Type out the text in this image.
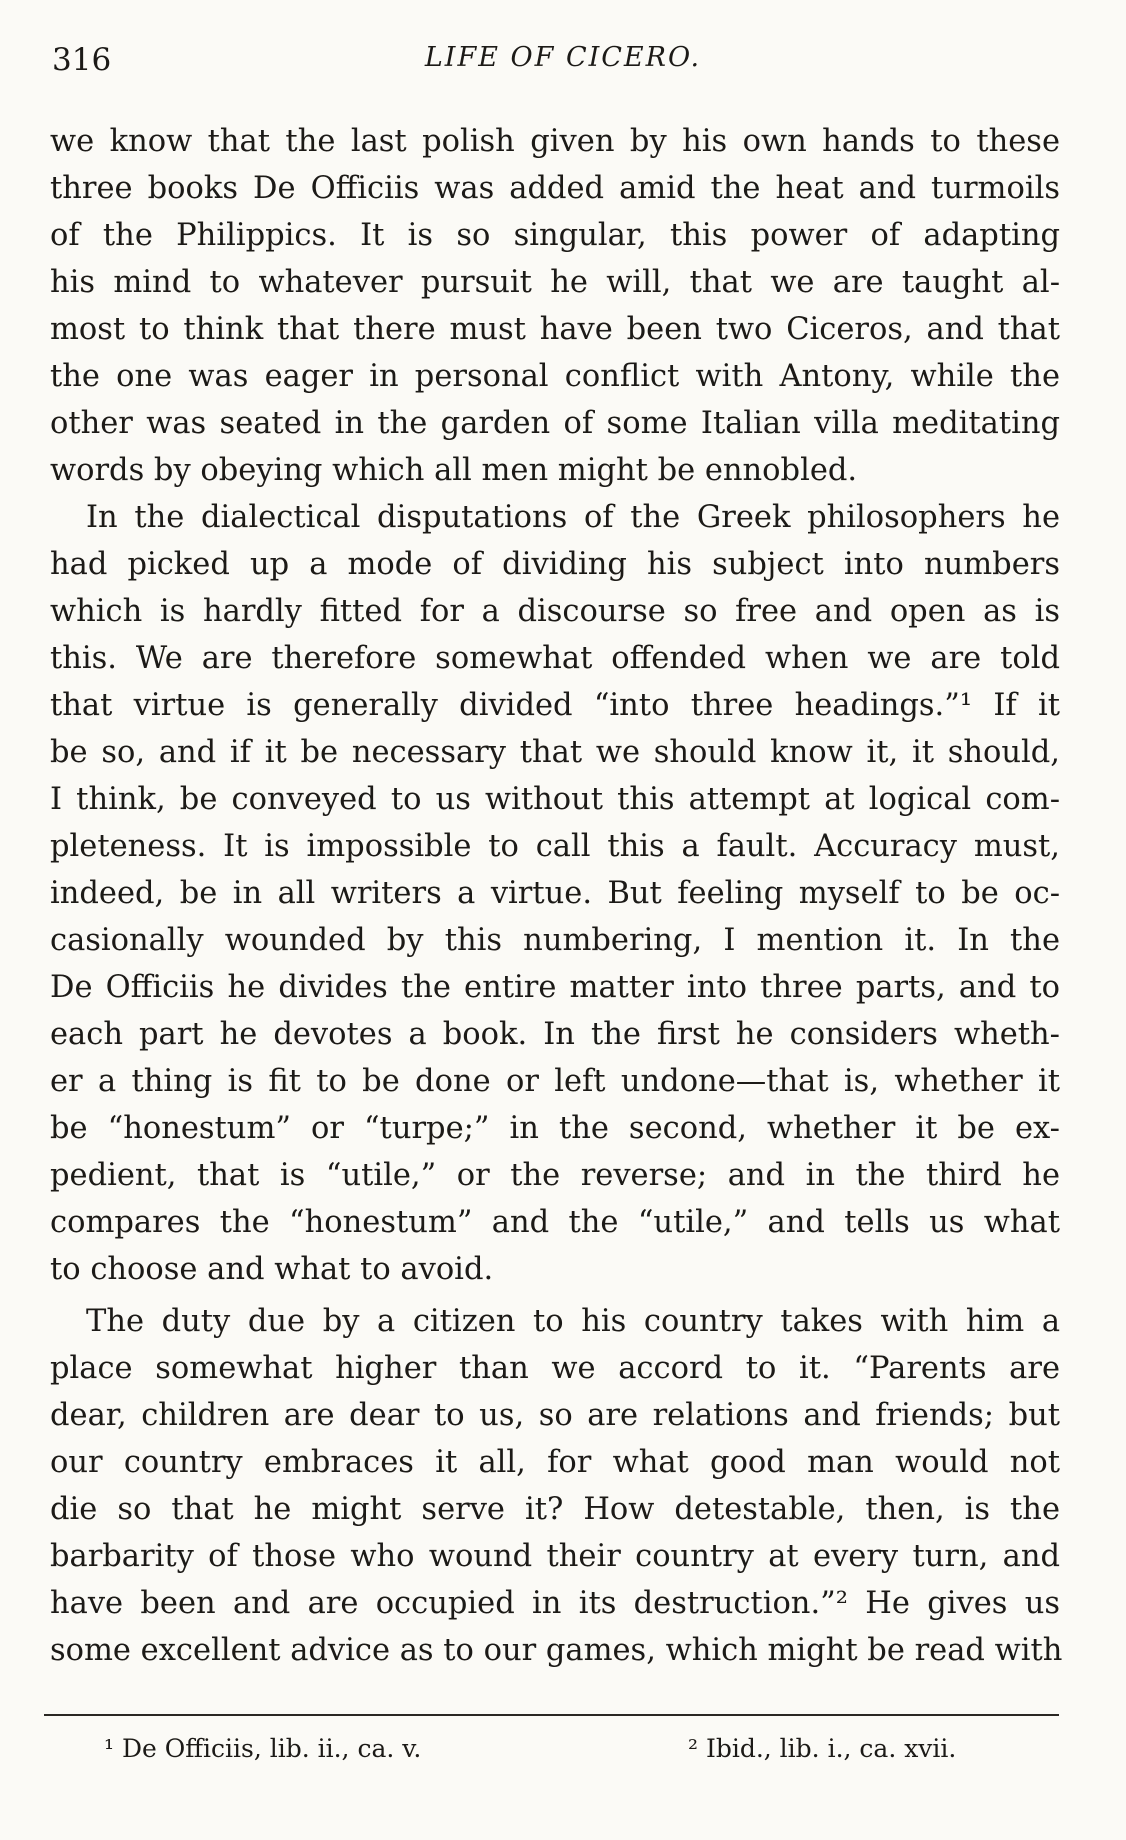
316	LIFE OF CICERO.
we know that the last polish given by his own hands to these
three books De Officiis was added amid the heat and turmoils
of the Philippics. It is so singular, this power of adapting
his mind to whatever pursuit he will, that we are taught al-
most to think that there must have been two Ciceros, and that
the one was eager in personal conflict with Antony, while the
other was seated in the garden of some Italian villa meditating
words by obeying which all men might be ennobled.
In the dialectical disputations of the Greek philosophers he
had picked up a mode of dividing his subject into numbers
which is hardly fitted for a discourse so free and open as is
this. We are therefore somewhat offended when we are told
that virtue is generally divided “into three headings.”¹ If it
be so, and if it be necessary that we should know it, it should,
I think, be conveyed to us without this attempt at logical com-
pleteness. It is impossible to call this a fault. Accuracy must,
indeed, be in all writers a virtue. But feeling myself to be oc-
casionally wounded by this numbering, I mention it. In the
De Officiis he divides the entire matter into three parts, and to
each part he devotes a book. In the first he considers wheth-
er a thing is fit to be done or left undone—that is, whether it
be “honestum” or “turpe;” in the second, whether it be ex-
pedient, that is “utile,” or the reverse; and in the third he
compares the “honestum” and the “utile,” and tells us what
to choose and what to avoid.
The duty due by a citizen to his country takes with him a
place somewhat higher than we accord to it. “Parents are
dear, children are dear to us, so are relations and friends; but
our country embraces it all, for what good man would not
die so that he might serve it? How detestable, then, is the
barbarity of those who wound their country at every turn, and
have been and are occupied in its destruction.”² He gives us
some excellent advice as to our games, which might be read with
¹ De Officiis, lib. ii., ca. v.	² Ibid., lib. i., ca. xvii.
